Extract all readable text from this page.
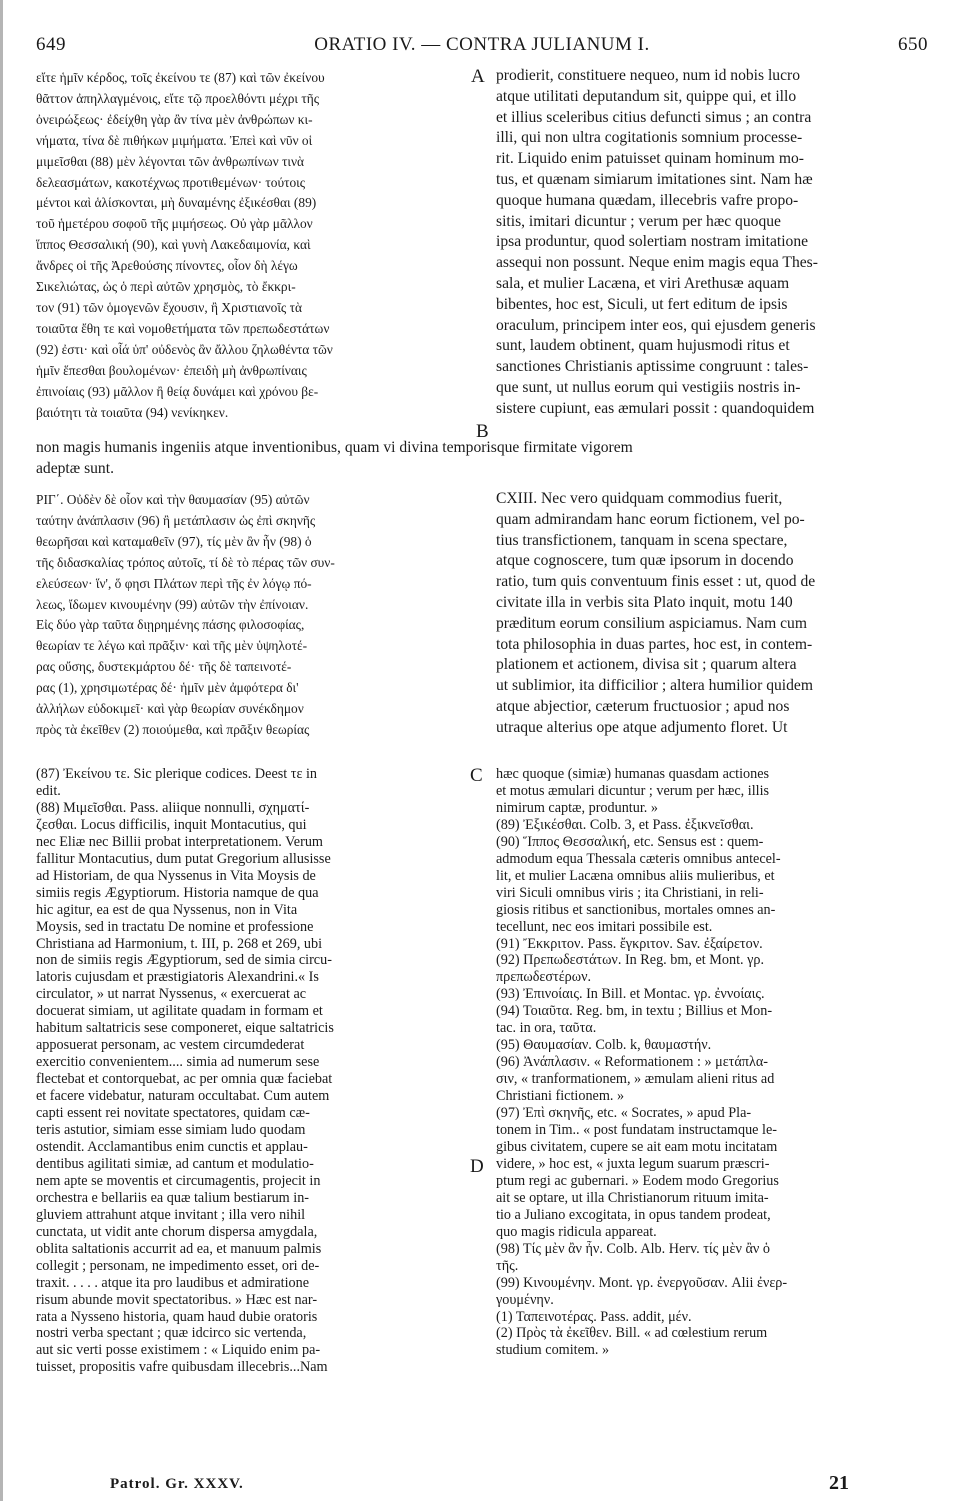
649	ORATIO IV. — CONTRA JULIANUM I.	650
εἴτε ἡμῖν κέρδος, τοῖς ἐκείνου τε (87) καὶ τῶν ἐκείνου
θᾶττον ἀπηλλαγμένοις, εἴτε τῷ προελθόντι μέχρι τῆς
ὀνειρώξεως· ἐδείχθη γὰρ ἂν τίνα μὲν ἀνθρώπων κι-
νήματα, τίνα δὲ πιθήκων μιμήματα. Ἐπεὶ καὶ νῦν οἱ
μιμεῖσθαι (88) μὲν λέγονται τῶν ἀνθρωπίνων τινὰ
δελεασμάτων, κακοτέχνως προτιθεμένων· τούτοις
μέντοι καὶ ἁλίσκονται, μὴ δυναμένης ἐξικέσθαι (89)
τοῦ ἡμετέρου σοφοῦ τῆς μιμήσεως. Οὐ γὰρ μᾶλλον
ἵππος Θεσσαλική (90), καὶ γυνὴ Λακεδαιμονία, καὶ
ἄνδρες οἱ τῆς Ἀρεθούσης πίνοντες, οἷον δὴ λέγω
Σικελιώτας, ὡς ὁ περὶ αὐτῶν χρησμὸς, τὸ ἔκκρι-
τον (91) τῶν ὁμογενῶν ἔχουσιν, ἢ Χριστιανοῖς τὰ
τοιαῦτα ἔθη τε καὶ νομοθετήματα τῶν πρεπωδεστάτων
(92) ἐστι· καὶ οἷά ὑπ' οὐδενὸς ἂν ἄλλου ζηλωθέντα τῶν
ἡμῖν ἕπεσθαι βουλομένων· ἐπειδὴ μὴ ἀνθρωπίναις
ἐπινοίαις (93) μᾶλλον ἢ θείᾳ δυνάμει καὶ χρόνου βε-
βαιότητι τὰ τοιαῦτα (94) νενίκηκεν.
prodierit, constituere nequeo, num id nobis lucro
atque utilitati deputandum sit, quippe qui, et illo
et illius sceleribus citius defuncti simus ; an contra
illi, qui non ultra cogitationis somnium processe-
rit. Liquido enim patuisset quinam hominum mo-
tus, et quænam simiarum imitationes sint. Nam hæ
quoque humana quædam, illecebris vafre propo-
sitis, imitari dicuntur ; verum per hæc quoque
ipsa produntur, quod solertiam nostram imitatione
assequi non possunt. Neque enim magis equa Thes-
sala, et mulier Lacæna, et viri Arethusæ aquam
bibentes, hoc est, Siculi, ut fert editum de ipsis
oraculum, principem inter eos, qui ejusdem generis
sunt, laudem obtinent, quam hujusmodi ritus et
sanctiones Christianis aptissime congruunt : tales-
que sunt, ut nullus eorum qui vestigiis nostris in-
sistere cupiunt, eas æmulari possit : quandoquidem
A
B
non magis humanis ingeniis atque inventionibus, quam vi divina temporisque firmitate vigorem
adeptæ sunt.
ΡΙΓ΄. Οὐδὲν δὲ οἷον καὶ τὴν θαυμασίαν (95) αὐτῶν
ταύτην ἀνάπλασιν (96) ἢ μετάπλασιν ὡς ἐπὶ σκηνῆς
θεωρῆσαι καὶ καταμαθεῖν (97), τίς μὲν ἂν ἦν (98) ὁ
τῆς διδασκαλίας τρόπος αὐτοῖς, τί δὲ τὸ πέρας τῶν συν-
ελεύσεων· ἵν', ὅ φησι Πλάτων περὶ τῆς ἐν λόγῳ πό-
λεως, ἴδωμεν κινουμένην (99) αὐτῶν τὴν ἐπίνοιαν.
Εἰς δύο γὰρ ταῦτα διῃρημένης πάσης φιλοσοφίας,
θεωρίαν τε λέγω καὶ πρᾶξιν· καὶ τῆς μὲν ὑψηλοτέ-
ρας οὔσης, δυστεκμάρτου δέ· τῆς δὲ ταπεινοτέ-
ρας (1), χρησιμωτέρας δέ· ἡμῖν μὲν ἀμφότερα δι'
ἀλλήλων εὐδοκιμεῖ· καὶ γὰρ θεωρίαν συνέκδημον
πρὸς τὰ ἐκεῖθεν (2) ποιούμεθα, καὶ πρᾶξιν θεωρίας
CXIII. Nec vero quidquam commodius fuerit,
quam admirandam hanc eorum fictionem, vel po-
tius transfictionem, tanquam in scena spectare,
atque cognoscere, tum quæ ipsorum in docendo
ratio, tum quis conventuum finis esset : ut, quod de
civitate illa in verbis sita Plato inquit, motu 140
præditum eorum consilium aspiciamus. Nam cum
tota philosophia in duas partes, hoc est, in contem-
plationem et actionem, divisa sit ; quarum altera
ut sublimior, ita difficilior ; altera humilior quidem
atque abjectior, cæterum fructuosior ; apud nos
utraque alterius ope atque adjumento floret. Ut
C
D
(87) Ἐκείνου τε. Sic plerique codices. Deest τε in
edit.
(88) Μιμεῖσθαι. Pass. aliique nonnulli, σχηματί-
ζεσθαι. Locus difficilis, inquit Montacutius, qui
nec Eliæ nec Billii probat interpretationem. Verum
fallitur Montacutius, dum putat Gregorium allusisse
ad Historiam, de qua Nyssenus in Vita Moysis de
simiis regis Ægyptiorum. Historia namque de qua
hic agitur, ea est de qua Nyssenus, non in Vita
Moysis, sed in tractatu De nomine et professione
Christiana ad Harmonium, t. III, p. 268 et 269, ubi
non de simiis regis Ægyptiorum, sed de simia circu-
latoris cujusdam et præstigiatoris Alexandrini.« Is
circulator, » ut narrat Nyssenus, « exercuerat ac
docuerat simiam, ut agilitate quadam in formam et
habitum saltatricis sese componeret, eique saltatricis
apposuerat personam, ac vestem circumdederat
exercitio convenientem.... simia ad numerum sese
flectebat et contorquebat, ac per omnia quæ faciebat
et facere videbatur, naturam occultabat. Cum autem
capti essent rei novitate spectatores, quidam cæ-
teris astutior, simiam esse simiam ludo quodam
ostendit. Acclamantibus enim cunctis et applau-
dentibus agilitati simiæ, ad cantum et modulatio-
nem apte se moventis et circumagentis, projecit in
orchestra e bellariis ea quæ talium bestiarum in-
gluviem attrahunt atque invitant ; illa vero nihil
cunctata, ut vidit ante chorum dispersa amygdala,
oblita saltationis accurrit ad ea, et manuum palmis
collegit ; personam, ne impedimento esset, ori de-
traxit. . . . . atque ita pro laudibus et admiratione
risum abunde movit spectatoribus. » Hæc est nar-
rata a Nysseno historia, quam haud dubie oratoris
nostri verba spectant ; quæ idcirco sic vertenda,
aut sic verti posse existimem : « Liquido enim pa-
tuisset, propositis vafre quibusdam illecebris...Nam
hæc quoque (simiæ) humanas quasdam actiones
et motus æmulari dicuntur ; verum per hæc, illis
nimirum captæ, produntur. »
(89) Ἐξικέσθαι. Colb. 3, et Pass. ἐξικνεῖσθαι.
(90) Ἵππος Θεσσαλική, etc. Sensus est : quem-
admodum equa Thessala cæteris omnibus antecel-
lit, et mulier Lacæna omnibus aliis mulieribus, et
viri Siculi omnibus viris ; ita Christiani, in reli-
giosis ritibus et sanctionibus, mortales omnes an-
tecellunt, nec eos imitari possibile est.
(91) Ἔκκριτον. Pass. ἔγκριτον. Sav. ἐξαίρετον.
(92) Πρεπωδεστάτων. In Reg. bm, et Mont. γρ.
πρεπωδεστέρων.
(93) Ἐπινοίαις. In Bill. et Montac. γρ. ἐννοίαις.
(94) Τοιαῦτα. Reg. bm, in textu ; Billius et Mon-
tac. in ora, ταῦτα.
(95) Θαυμασίαν. Colb. k, θαυμαστήν.
(96) Ἀνάπλασιν. « Reformationem : » μετάπλα-
σιν, « tranformationem, » æmulam alieni ritus ad
Christiani fictionem. »
(97) Ἐπὶ σκηνῆς, etc. « Socrates, » apud Pla-
tonem in Tim.. « post fundatam instructamque le-
gibus civitatem, cupere se ait eam motu incitatam
videre, » hoc est, « juxta legum suarum præscri-
ptum regi ac gubernari. » Eodem modo Gregorius
ait se optare, ut illa Christianorum rituum imita-
tio a Juliano excogitata, in opus tandem prodeat,
quo magis ridicula appareat.
(98) Τίς μὲν ἂν ἦν. Colb. Alb. Herv. τίς μὲν ἂν ὁ
τῆς.
(99) Κινουμένην. Mont. γρ. ἐνεργοῦσαν. Alii ἐνερ-
γουμένην.
(1) Ταπεινοτέρας. Pass. addit, μέν.
(2) Πρὸς τὰ ἐκεῖθεν. Bill. « ad cœlestium rerum
studium comitem. »
Patrol. Gr. XXXV.	21
